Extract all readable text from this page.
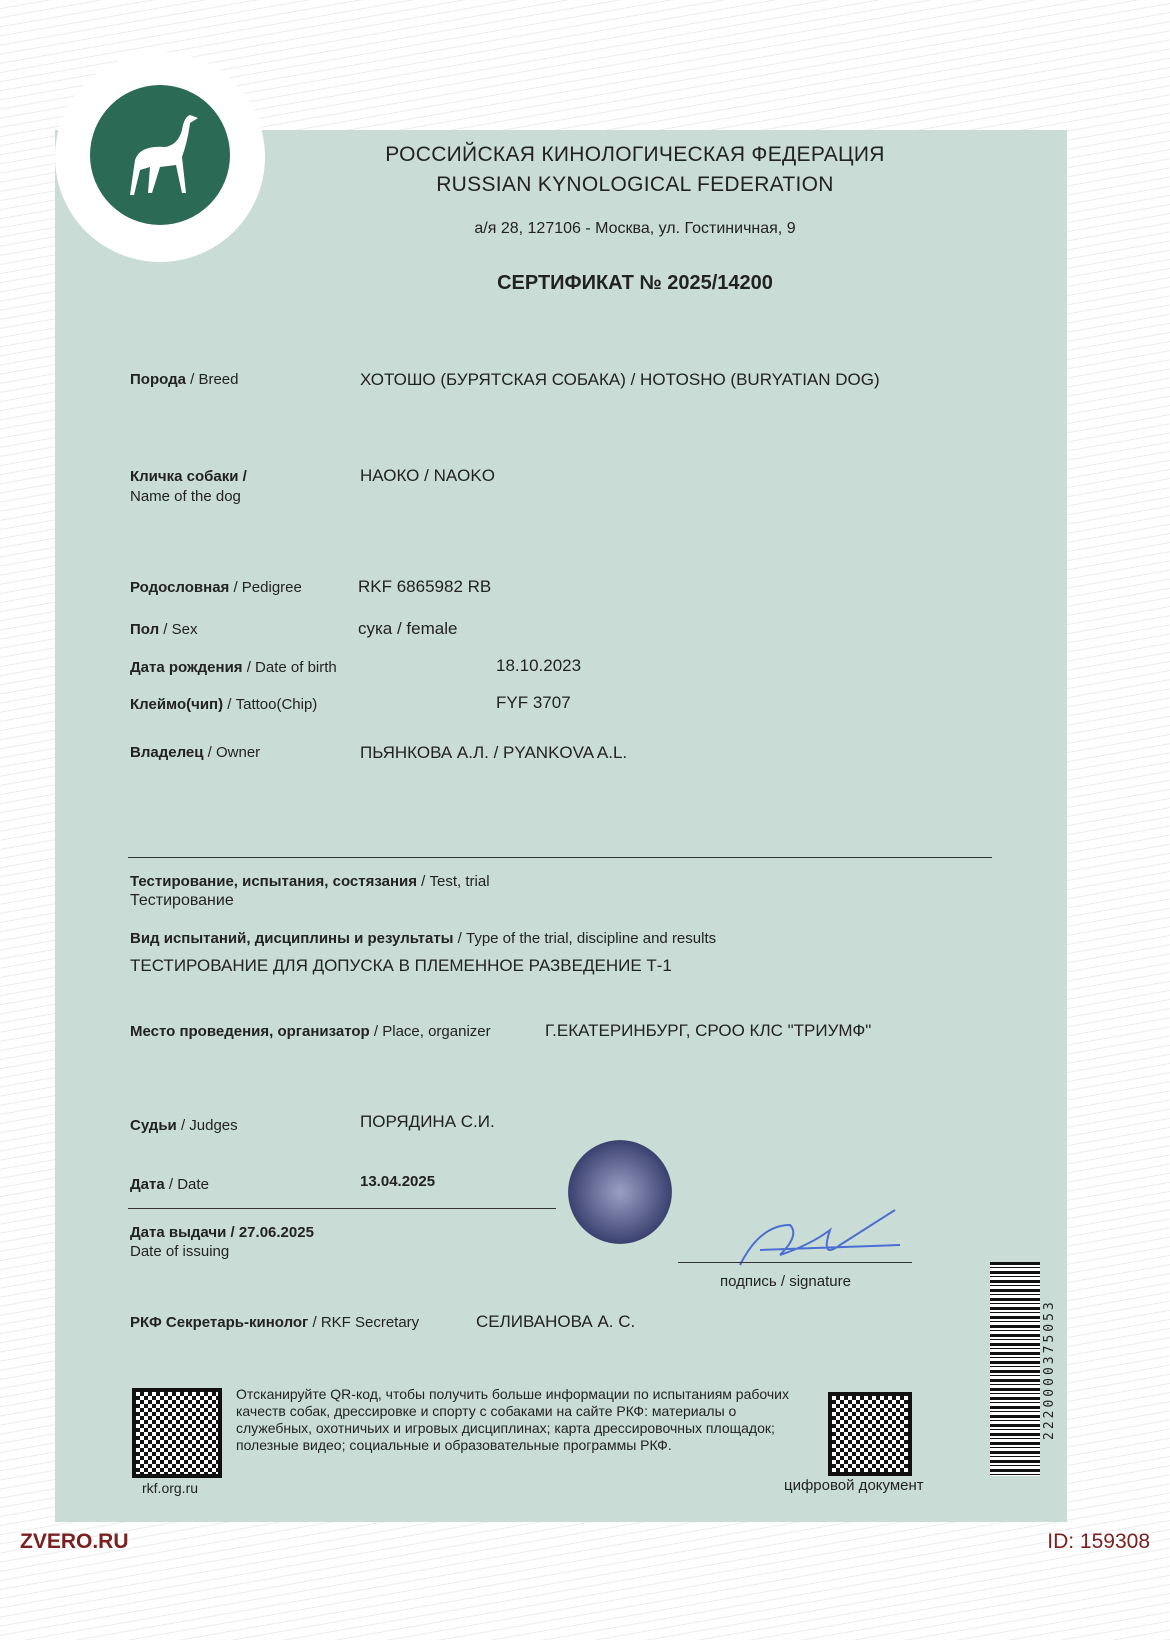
РОССИЙСКАЯ КИНОЛОГИЧЕСКАЯ ФЕДЕРАЦИЯ
RUSSIAN KYNOLOGICAL FEDERATION
а/я 28, 127106 - Москва, ул. Гостиничная, 9
СЕРТИФИКАТ № 2025/14200
Порода / Breed	ХОТОШО (БУРЯТСКАЯ СОБАКА) / HOTOSHO (BURYATIAN DOG)
Кличка собаки /
Name of the dog
НАОКО / NAOKO
Родословная / Pedigree	RKF 6865982 RB
Пол / Sex	сука / female
Дата рождения / Date of birth	18.10.2023
Клеймо(чип) / Tattoo(Chip)	FYF 3707
Владелец / Owner	ПЬЯНКОВА А.Л. / PYANKOVA A.L.
Тестирование, испытания, состязания / Test, trial
Тестирование
Вид испытаний, дисциплины и результаты / Type of the trial, discipline and results
ТЕСТИРОВАНИЕ ДЛЯ ДОПУСКА В ПЛЕМЕННОЕ РАЗВЕДЕНИЕ Т-1
Место проведения, организатор / Place, organizer	Г.ЕКАТЕРИНБУРГ, СРОО КЛС "ТРИУМФ"
Судьи / Judges	ПОРЯДИНА С.И.
Дата / Date	13.04.2025
Дата выдачи / 27.06.2025
Date of issuing
подпись / signature
РКФ Секретарь-кинолог / RKF Secretary	СЕЛИВАНОВА А. С.
rkf.org.ru
Отсканируйте QR-код, чтобы получить больше информации по испытаниям рабочих качеств собак, дрессировке и спорту с собаками на сайте РКФ: материалы о служебных, охотничьих и игровых дисциплинах; карта дрессировочных площадок; полезные видео; социальные и образовательные программы РКФ.
цифровой документ
2220000375053
ZVERO.RU	ID: 159308
